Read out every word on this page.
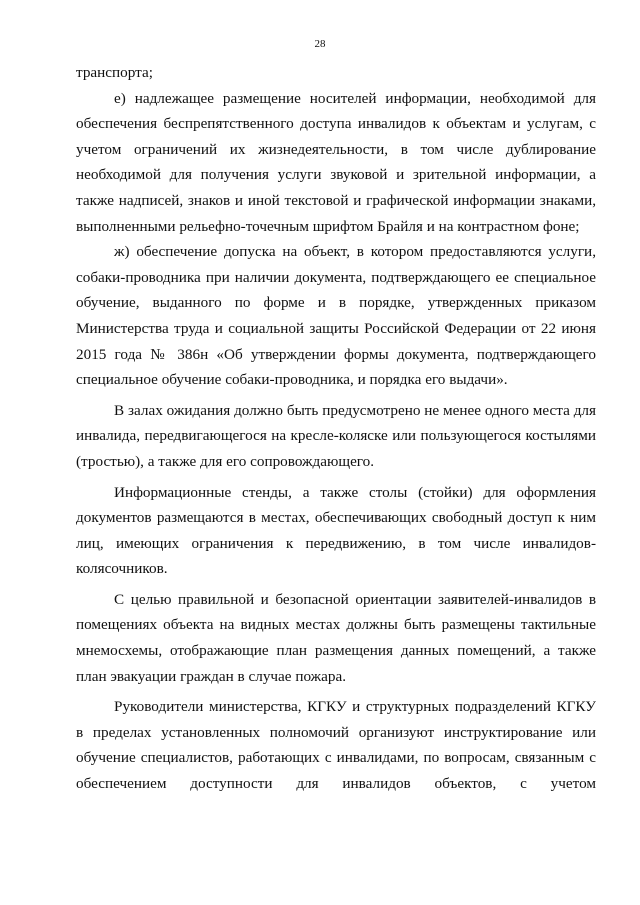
28

транспорта;

е) надлежащее размещение носителей информации, необходимой для обеспечения беспрепятственного доступа инвалидов к объектам и услугам, с учетом ограничений их жизнедеятельности, в том числе дублирование необходимой для получения услуги звуковой и зрительной информации, а также надписей, знаков и иной текстовой и графической информации знаками, выполненными рельефно-точечным шрифтом Брайля и на контрастном фоне;

ж) обеспечение допуска на объект, в котором предоставляются услуги, собаки-проводника при наличии документа, подтверждающего ее специальное обучение, выданного по форме и в порядке, утвержденных приказом Министерства труда и социальной защиты Российской Федерации от 22 июня 2015 года № 386н «Об утверждении формы документа, подтверждающего специальное обучение собаки-проводника, и порядка его выдачи».

В залах ожидания должно быть предусмотрено не менее одного места для инвалида, передвигающегося на кресле-коляске или пользующегося костылями (тростью), а также для его сопровождающего.

Информационные стенды, а также столы (стойки) для оформления документов размещаются в местах, обеспечивающих свободный доступ к ним лиц, имеющих ограничения к передвижению, в том числе инвалидов-колясочников.

С целью правильной и безопасной ориентации заявителей-инвалидов в помещениях объекта на видных местах должны быть размещены тактильные мнемосхемы, отображающие план размещения данных помещений, а также план эвакуации граждан в случае пожара.

Руководители министерства, КГКУ и структурных подразделений КГКУ в пределах установленных полномочий организуют инструктирование или обучение специалистов, работающих с инвалидами, по вопросам, связанным с обеспечением доступности для инвалидов объектов, с учетом
